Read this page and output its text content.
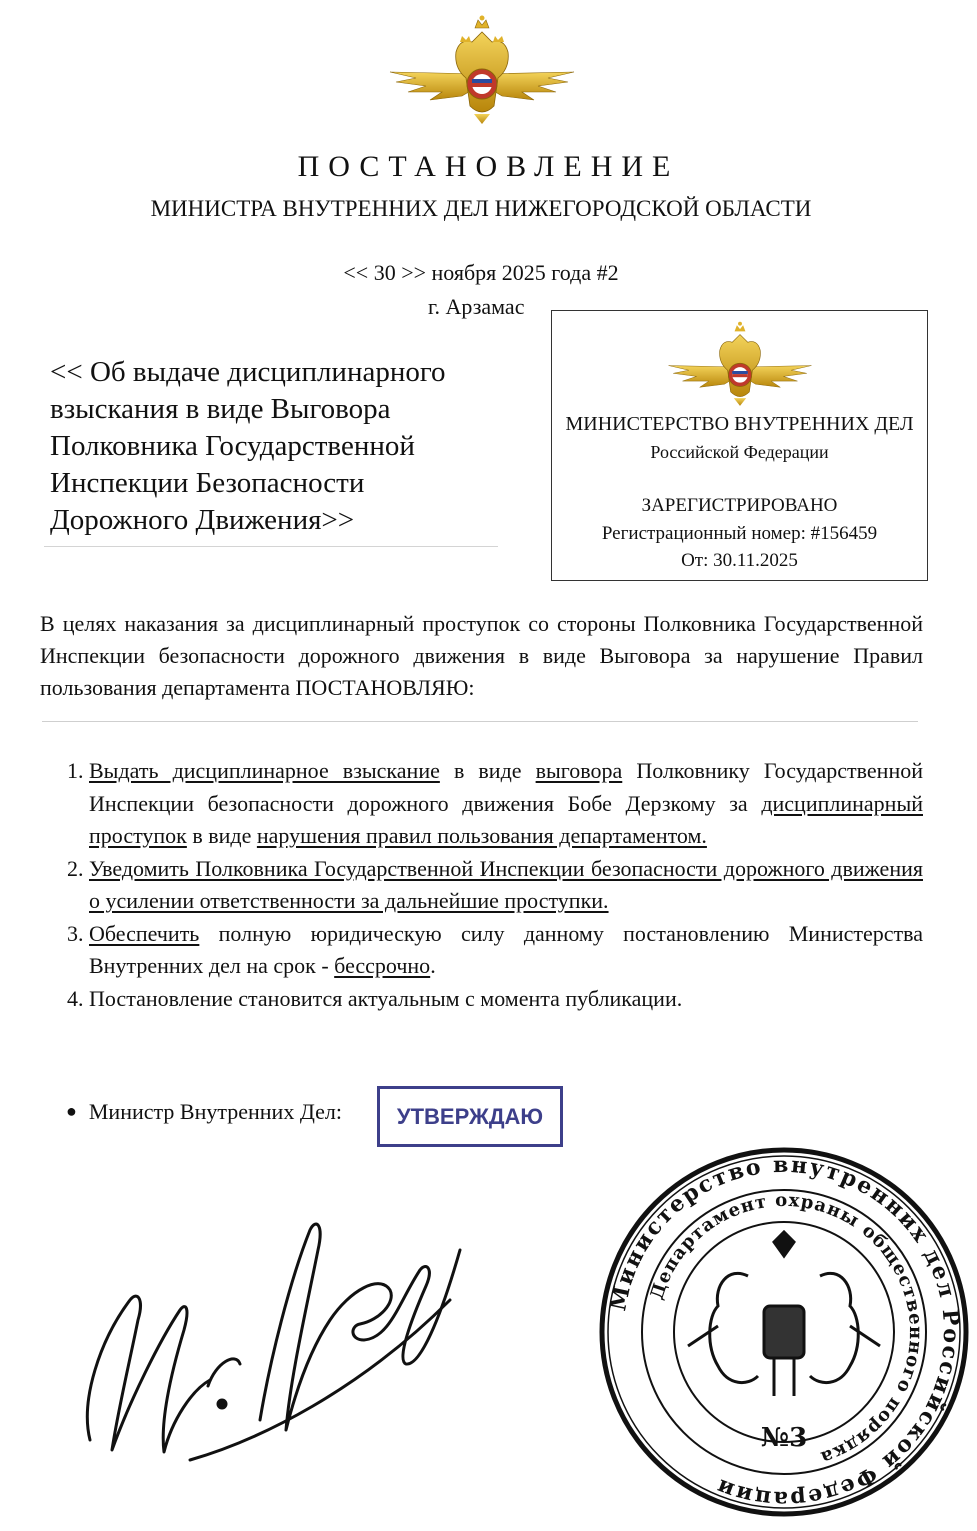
ПОСТАНОВЛЕНИЕ
МИНИСТРА ВНУТРЕННИХ ДЕЛ НИЖЕГОРОДСКОЙ ОБЛАСТИ
<< 30 >> ноября 2025 года #2
г. Арзамас
<< Об выдаче дисциплинарного взыскания в виде Выговора Полковника Государственной Инспекции Безопасности Дорожного Движения>>
МИНИСТЕРСТВО ВНУТРЕННИХ ДЕЛ
Российской Федерации
ЗАРЕГИСТРИРОВАНО
Регистрационный номер: #156459
От: 30.11.2025
В целях наказания за дисциплинарный проступок со стороны Полковника Государственной Инспекции безопасности дорожного движения в виде Выговора за нарушение Правил пользования департамента ПОСТАНОВЛЯЮ:
1. Выдать дисциплинарное взыскание в виде выговора Полковнику Государственной Инспекции безопасности дорожного движения Бобе Дерзкому за дисциплинарный проступок в виде нарушения правил пользования департаментом.
2. Уведомить Полковника Государственной Инспекции безопасности дорожного движения о усилении ответственности за дальнейшие проступки.
3. Обеспечить полную юридическую силу данному постановлению Министерства Внутренних дел на срок - бессрочно.
4. Постановление становится актуальным с момента публикации.
● Министр Внутренних Дел:	УТВЕРЖДАЮ
Министерство внутренних дел Российской Федерации
Департамент охраны общественного порядка
№3
